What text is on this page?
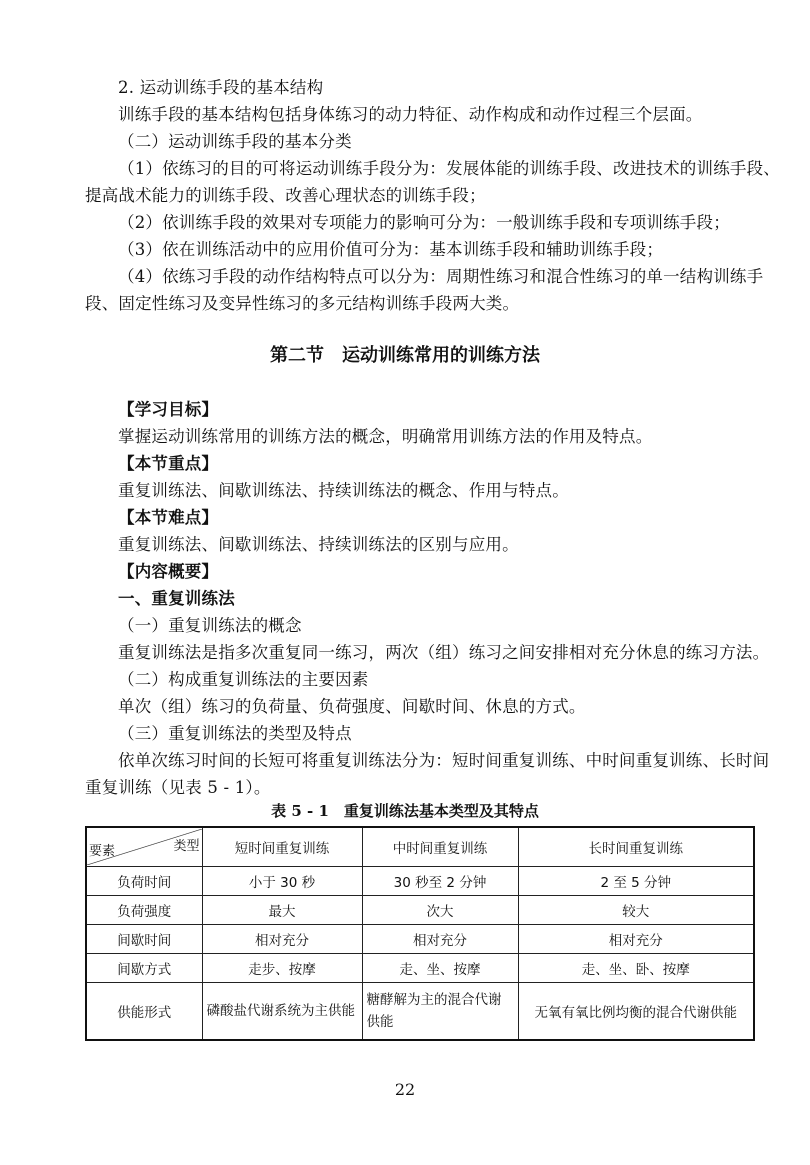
2. 运动训练手段的基本结构
训练手段的基本结构包括身体练习的动力特征、动作构成和动作过程三个层面。
（二）运动训练手段的基本分类
（1）依练习的目的可将运动训练手段分为：发展体能的训练手段、改进技术的训练手段、
提高战术能力的训练手段、改善心理状态的训练手段；
（2）依训练手段的效果对专项能力的影响可分为：一般训练手段和专项训练手段；
（3）依在训练活动中的应用价值可分为：基本训练手段和辅助训练手段；
（4）依练习手段的动作结构特点可以分为：周期性练习和混合性练习的单一结构训练手
段、固定性练习及变异性练习的多元结构训练手段两大类。
第二节　运动训练常用的训练方法
【学习目标】
掌握运动训练常用的训练方法的概念，明确常用训练方法的作用及特点。
【本节重点】
重复训练法、间歇训练法、持续训练法的概念、作用与特点。
【本节难点】
重复训练法、间歇训练法、持续训练法的区别与应用。
【内容概要】
一、重复训练法
（一）重复训练法的概念
重复训练法是指多次重复同一练习，两次（组）练习之间安排相对充分休息的练习方法。
（二）构成重复训练法的主要因素
单次（组）练习的负荷量、负荷强度、间歇时间、休息的方式。
（三）重复训练法的类型及特点
依单次练习时间的长短可将重复训练法分为：短时间重复训练、中时间重复训练、长时间
重复训练（见表 5 - 1）。
表 5 - 1　重复训练法基本类型及其特点
要素 类型	短时间重复训练	中时间重复训练	长时间重复训练
负荷时间	小于 30 秒	30 秒至 2 分钟	2 至 5 分钟
负荷强度	最大	次大	较大
间歇时间	相对充分	相对充分	相对充分
间歇方式	走步、按摩	走、坐、按摩	走、坐、卧、按摩
供能形式	磷酸盐代谢系统为主供能	糖酵解为主的混合代谢供能	无氧有氧比例均衡的混合代谢供能
22
